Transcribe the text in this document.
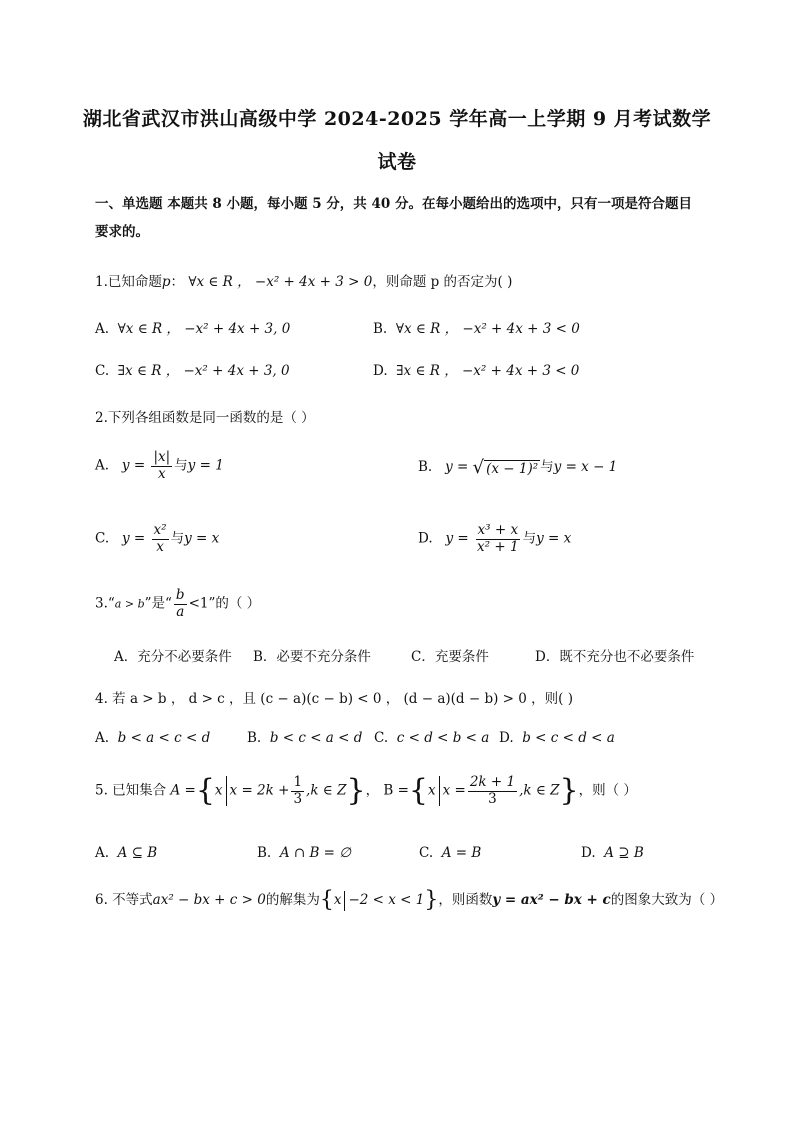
湖北省武汉市洪山高级中学 2024-2025 学年高一上学期 9 月考试数学
试卷
一、单选题 本题共 8 小题，每小题 5 分，共 40 分。在每小题给出的选项中，只有一项是符合题目
要求的。
1.已知命题p： ∀x ∈ R ， −x² + 4x + 3 > 0，则命题 p 的否定为( )
A. ∀x ∈ R ， −x² + 4x + 3, 0	B. ∀x ∈ R ， −x² + 4x + 3 < 0
C. ∃x ∈ R ， −x² + 4x + 3, 0	D. ∃x ∈ R ， −x² + 4x + 3 < 0
2.下列各组函数是同一函数的是（ ）
A. $y = \frac{|x|}{x}$ 与y = 1	B. y = √ (x − 1)² 与y = x − 1
C. $y = \frac{\text{x²}}{x}$ 与y = x	D. $y = \frac{\text{x³ + x}}{\text{x² + 1}}$ 与y = x
3.“a > b”是“ $\frac{b}{a} <1$”的（ ）
A．充分不必要条件 B．必要不充分条件	C．充要条件	D．既不充分也不必要条件
4. 若 a > b ， d > c ，且 (c − a)(c − b) < 0 ， (d − a)(d − b) > 0 ，则( )
A. b < a < c < d	B. b < c < a < d C. c < d < b < a D. b < c < d < a
5. 已知集合 A ={x $x = 2k + \frac{1}{3} ,k$ ∈ Z}， B ={x $x = \frac{2k + 1}{3} ,k$ ∈ Z}，则（ ）
A. A ⊆ B	B. A ∩ B = ∅	C. A = B	D. A ⊇ B
6. 不等式ax² − bx + c > 0的解集为{x −2 < x < 1}，则函数y = ax² − bx + c的图象大致为（ ）
